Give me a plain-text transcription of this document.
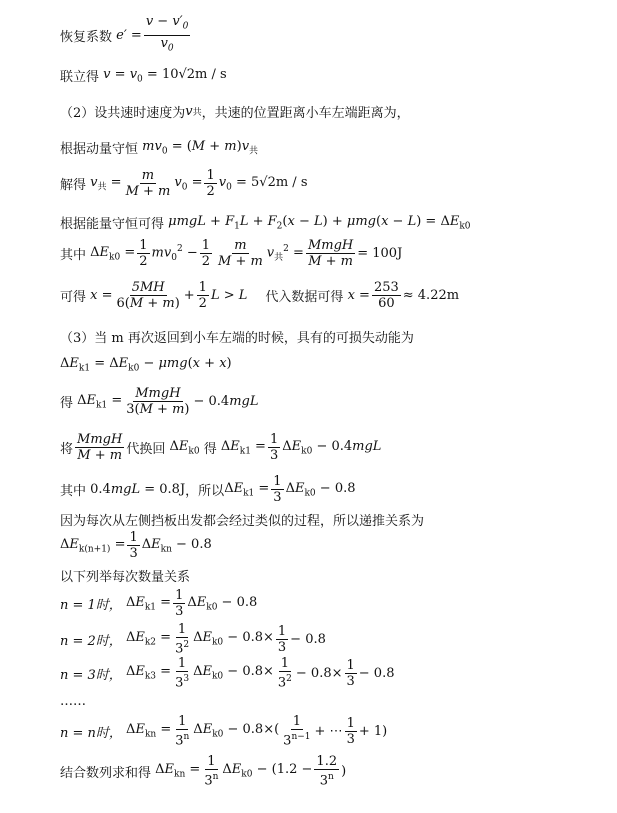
恢复系数 $e' = \frac{v - v'_0}{v_0}$
联立得 $v = v_0 = 10√2m / s$
（2）设共速时速度为 v 共 ，共速的位置距离小车左端距离为，
根据动量守恒 $mv_0 = (M + m)v_共$
解得 $v_共 = \frac{m}{M + m} v_0 = \frac{1}{2} v_0 = 5√2m / s$
根据能量守恒可得 $\mu mgL + F_1L + F_2(x - L) + \mu mg(x - L) = \Delta E_{k0}$
其中 $\Delta E_{k0} = \frac{1}{2} mv_0^2 - \frac{1}{2} \frac{m}{M + m} v_共^2 = \frac{\text{MmgH}}{M + m} = 100J$
可得 $x = \frac{5MH}{6(M + m)} + \frac{1}{2}$ L > L 代入数据可得 $x = \frac{253}{60} \approx 4.22m$
（3）当 m 再次返回到小车左端的时候，具有的可损失动能为
$\Delta E_{k1} = \Delta E_{k0} - \mu mg(x + x)$
得 $\Delta E_{k1} = \frac{\text{MmgH}}{3(M + m)} - 0.4mgL$
将 $\frac{\text{MmgH}}{M + m}$ 代换回 $\Delta E_{k0}$ 得 $\Delta E_{k1} = \frac{1}{3} \Delta E_{k0} - 0.4mgL$
其中 0.4mgL = 0.8J ，所以 $\Delta E_{k1} = \frac{1}{3} \Delta E_{k0} - 0.8$
因为每次从左侧挡板出发都会经过类似的过程，所以递推关系为
$\Delta E_{k(n+1)} = \frac{1}{3} \Delta E_{kn} - 0.8$
以下列举每次数量关系
n = 1时， $\Delta E_{k1} = \frac{1}{3} \Delta E_{k0} - 0.8$
n = 2时， $\Delta E_{k2} = \frac{1}{3^2} \Delta E_{k0} - 0.8\times \frac{1}{3} - 0.8$
n = 3时， $\Delta E_{k3} = \frac{1}{3^3} \Delta E_{k0} - 0.8\times \frac{1}{3^2} - 0.8\times \frac{1}{3} - 0.8$
……
n = n时， $\Delta E_{kn} = \frac{1}{3^n} \Delta E_{k0} - 0.8\times( \frac{1}{3^{n-1}}$ + ⋯ $\frac{1}{3} + 1$)
结合数列求和得 $\Delta E_{kn} = \frac{1}{3^n} \Delta E_{k0} - (1.2 - \frac{1.2}{3^n}$ )
